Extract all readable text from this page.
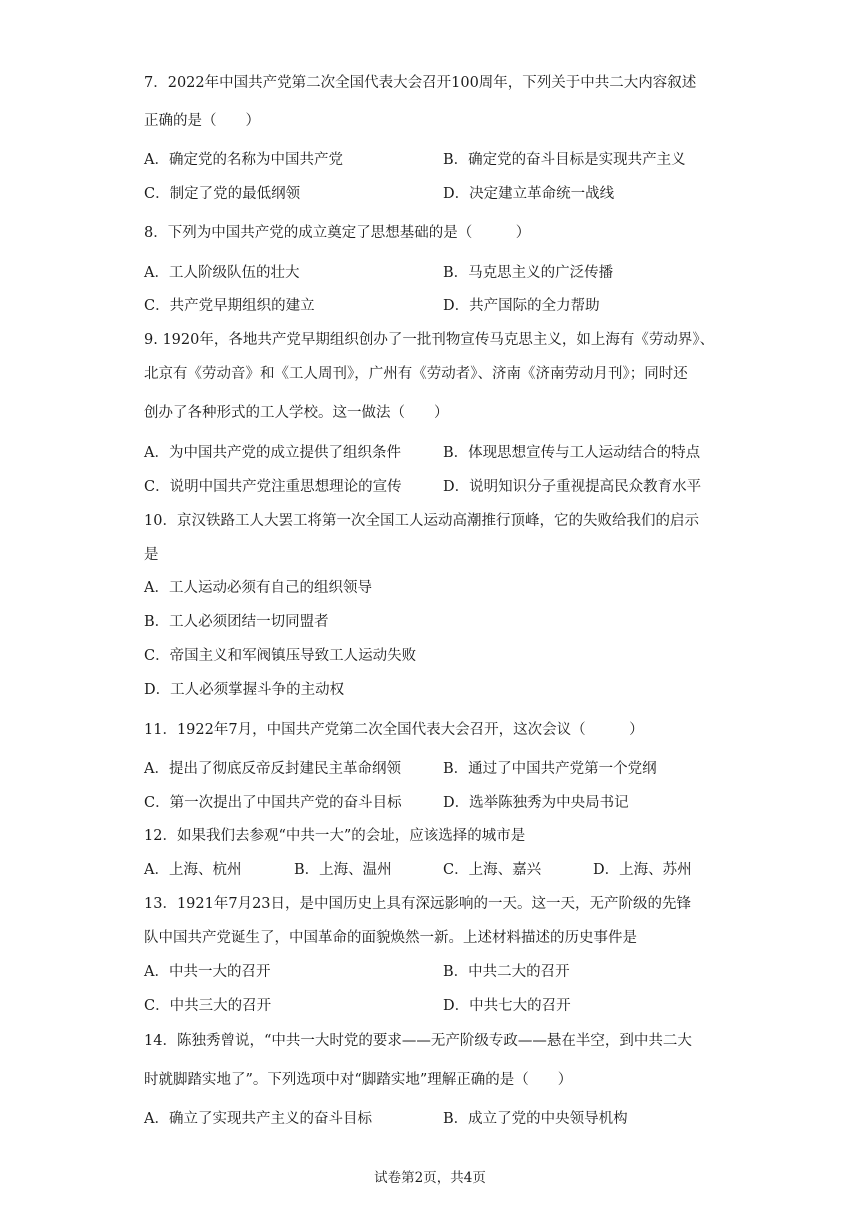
7．2022年中国共产党第二次全国代表大会召开100周年，下列关于中共二大内容叙述
正确的是（　　）
A．确定党的名称为中国共产党	B．确定党的奋斗目标是实现共产主义
C．制定了党的最低纲领	D．决定建立革命统一战线
8．下列为中国共产党的成立奠定了思想基础的是（　　　）
A．工人阶级队伍的壮大	B．马克思主义的广泛传播
C．共产党早期组织的建立	D．共产国际的全力帮助
9. 1920年，各地共产党早期组织创办了一批刊物宣传马克思主义，如上海有《劳动界》、
北京有《劳动音》和《工人周刊》，广州有《劳动者》、济南《济南劳动月刊》；同时还
创办了各种形式的工人学校。这一做法（　　）
A．为中国共产党的成立提供了组织条件	B．体现思想宣传与工人运动结合的特点
C．说明中国共产党注重思想理论的宣传	D．说明知识分子重视提高民众教育水平
10．京汉铁路工人大罢工将第一次全国工人运动高潮推行顶峰，它的失败给我们的启示
是
A．工人运动必须有自己的组织领导
B．工人必须团结一切同盟者
C．帝国主义和军阀镇压导致工人运动失败
D．工人必须掌握斗争的主动权
11．1922年7月，中国共产党第二次全国代表大会召开，这次会议（　　　）
A．提出了彻底反帝反封建民主革命纲领	B．通过了中国共产党第一个党纲
C．第一次提出了中国共产党的奋斗目标	D．选举陈独秀为中央局书记
12．如果我们去参观“中共一大”的会址，应该选择的城市是
A．上海、杭州	B．上海、温州	C．上海、嘉兴	D．上海、苏州
13．1921年7月23日，是中国历史上具有深远影响的一天。这一天，无产阶级的先锋
队中国共产党诞生了，中国革命的面貌焕然一新。上述材料描述的历史事件是
A．中共一大的召开	B．中共二大的召开
C．中共三大的召开	D．中共七大的召开
14．陈独秀曾说，“中共一大时党的要求——无产阶级专政——悬在半空，到中共二大
时就脚踏实地了”。下列选项中对“脚踏实地”理解正确的是（　　）
A．确立了实现共产主义的奋斗目标	B．成立了党的中央领导机构
试卷第2页，共4页
